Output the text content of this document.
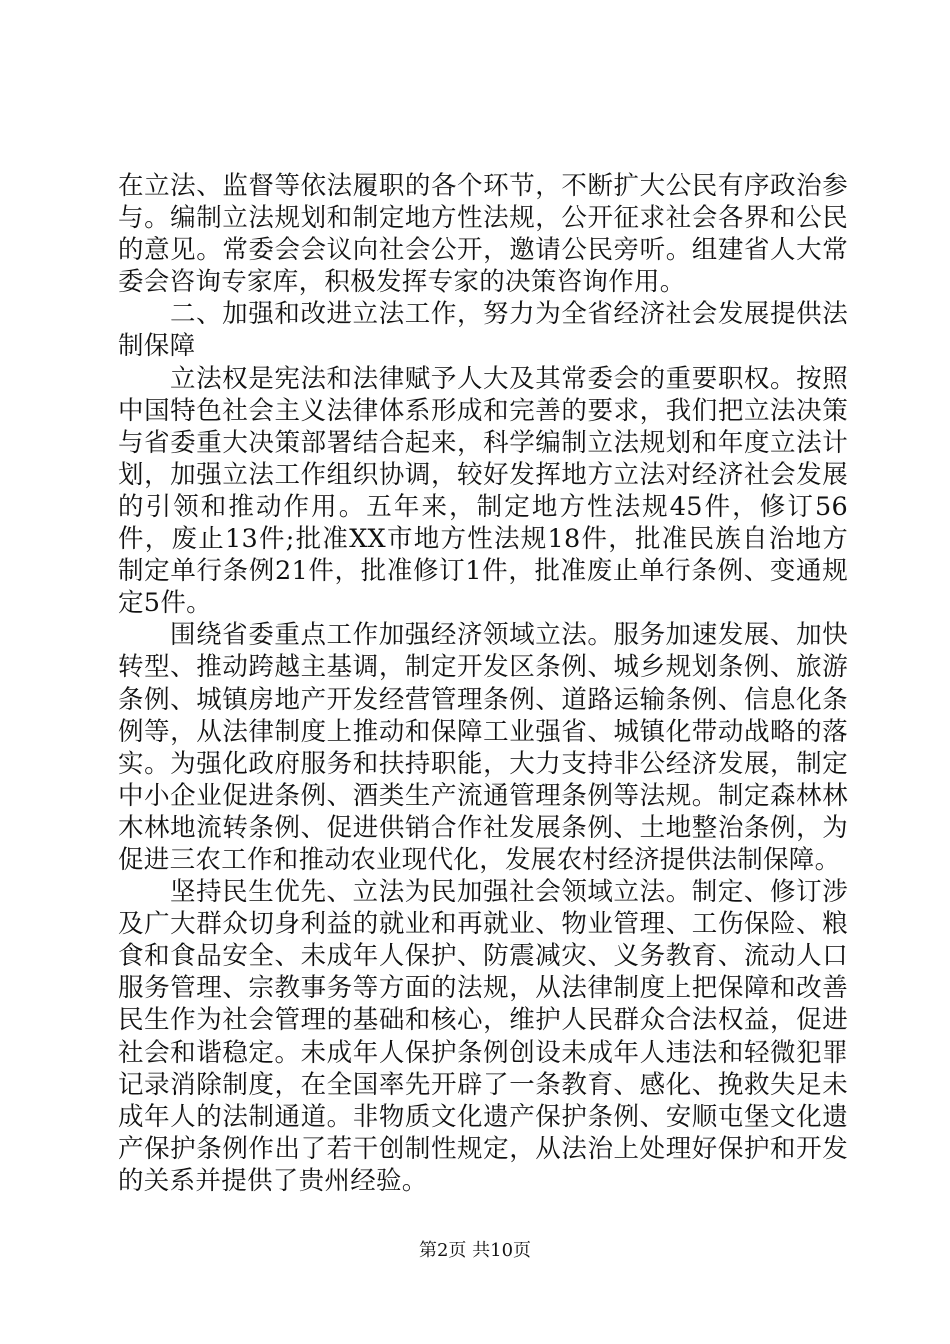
在立法、监督等依法履职的各个环节，不断扩大公民有序政治参与。编制立法规划和制定地方性法规，公开征求社会各界和公民的意见。常委会会议向社会公开，邀请公民旁听。组建省人大常委会咨询专家库，积极发挥专家的决策咨询作用。

二、加强和改进立法工作，努力为全省经济社会发展提供法制保障

立法权是宪法和法律赋予人大及其常委会的重要职权。按照中国特色社会主义法律体系形成和完善的要求，我们把立法决策与省委重大决策部署结合起来，科学编制立法规划和年度立法计划，加强立法工作组织协调，较好发挥地方立法对经济社会发展的引领和推动作用。五年来，制定地方性法规45件，修订56件，废止13件;批准XX市地方性法规18件，批准民族自治地方制定单行条例21件，批准修订1件，批准废止单行条例、变通规定5件。

围绕省委重点工作加强经济领域立法。服务加速发展、加快转型、推动跨越主基调，制定开发区条例、城乡规划条例、旅游条例、城镇房地产开发经营管理条例、道路运输条例、信息化条例等，从法律制度上推动和保障工业强省、城镇化带动战略的落实。为强化政府服务和扶持职能，大力支持非公经济发展，制定中小企业促进条例、酒类生产流通管理条例等法规。制定森林林木林地流转条例、促进供销合作社发展条例、土地整治条例，为促进三农工作和推动农业现代化，发展农村经济提供法制保障。

坚持民生优先、立法为民加强社会领域立法。制定、修订涉及广大群众切身利益的就业和再就业、物业管理、工伤保险、粮食和食品安全、未成年人保护、防震减灾、义务教育、流动人口服务管理、宗教事务等方面的法规，从法律制度上把保障和改善民生作为社会管理的基础和核心，维护人民群众合法权益，促进社会和谐稳定。未成年人保护条例创设未成年人违法和轻微犯罪记录消除制度，在全国率先开辟了一条教育、感化、挽救失足未成年人的法制通道。非物质文化遗产保护条例、安顺屯堡文化遗产保护条例作出了若干创制性规定，从法治上处理好保护和开发的关系并提供了贵州经验。

第2页 共10页
